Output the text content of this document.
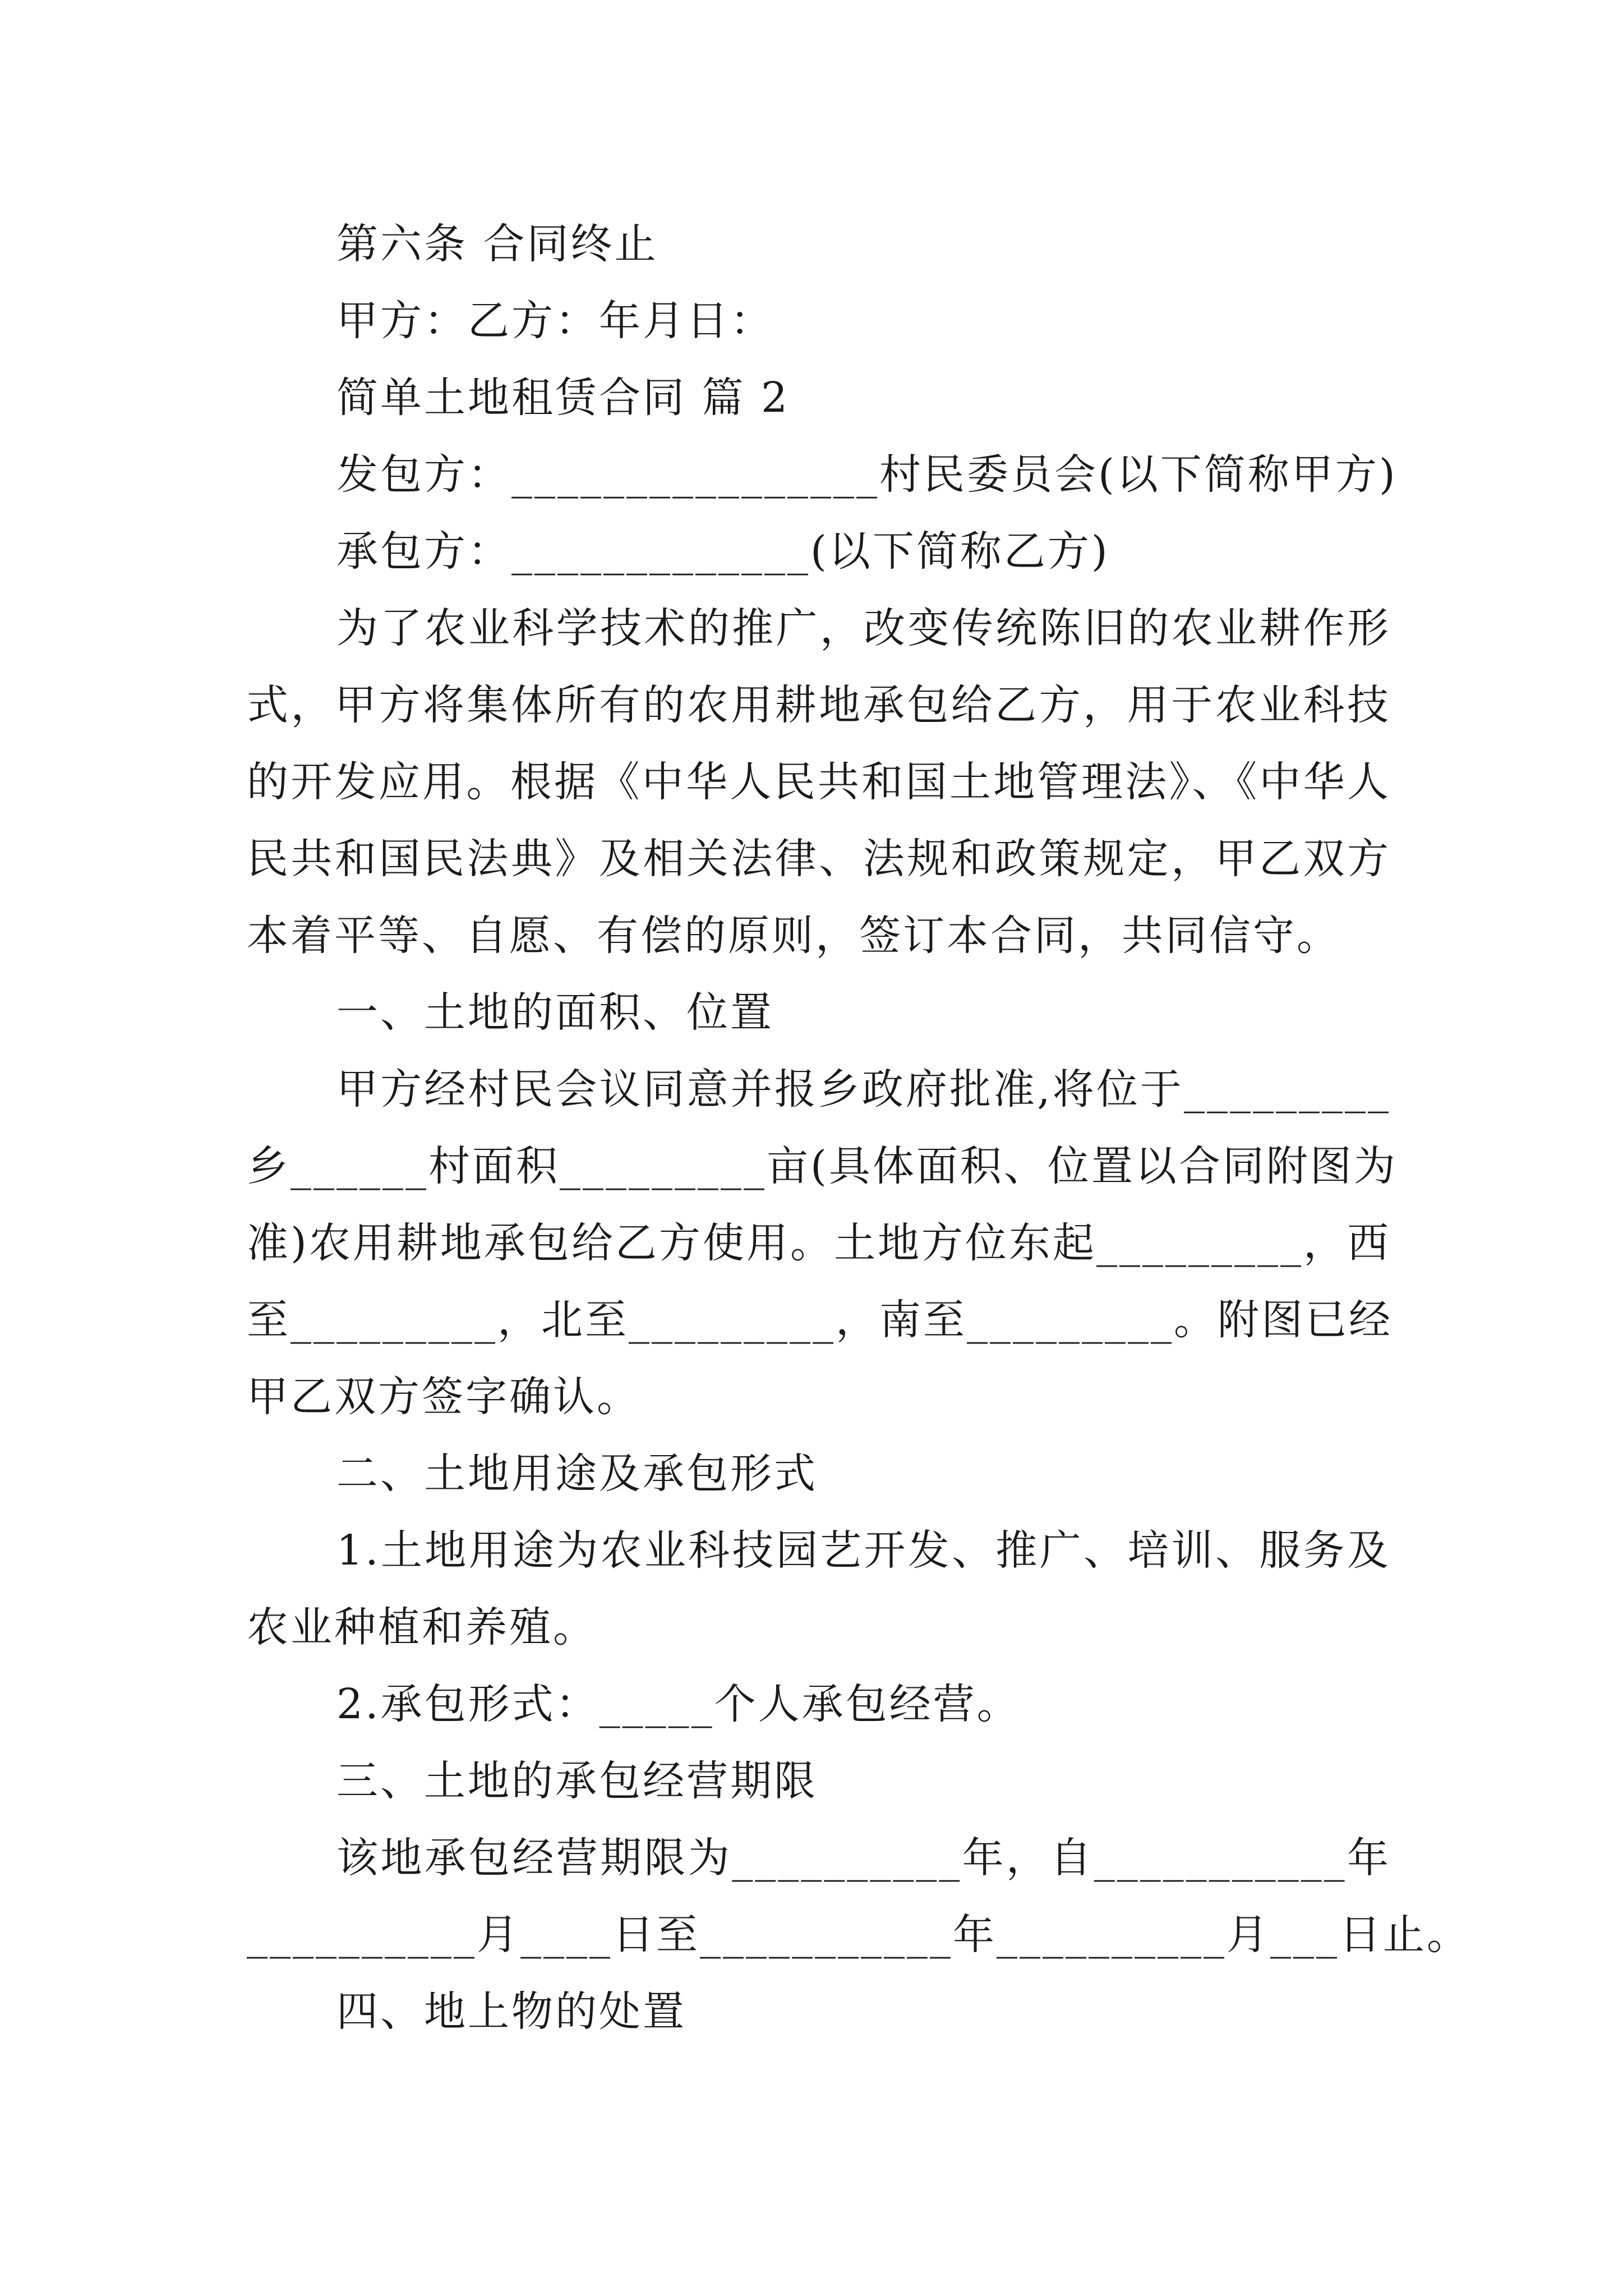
第六条 合同终止
甲方：乙方：年月日：
简单土地租赁合同 篇 2
发包方：________________村民委员会(以下简称甲方)
承包方：_____________(以下简称乙方)
为了农业科学技术的推广，改变传统陈旧的农业耕作形
式，甲方将集体所有的农用耕地承包给乙方，用于农业科技
的开发应用。根据《中华人民共和国土地管理法》、《中华人
民共和国民法典》及相关法律、法规和政策规定，甲乙双方
本着平等、自愿、有偿的原则，签订本合同，共同信守。
一、土地的面积、位置
甲方经村民会议同意并报乡政府批准,将位于_________
乡______村面积_________亩(具体面积、位置以合同附图为
准)农用耕地承包给乙方使用。土地方位东起_________，西
至_________，北至_________，南至_________。附图已经
甲乙双方签字确认。
二、土地用途及承包形式
1.土地用途为农业科技园艺开发、推广、培训、服务及
农业种植和养殖。
2.承包形式：_____个人承包经营。
三、土地的承包经营期限
该地承包经营期限为__________年，自___________年
__________月____日至___________年__________月___日止。
四、地上物的处置
